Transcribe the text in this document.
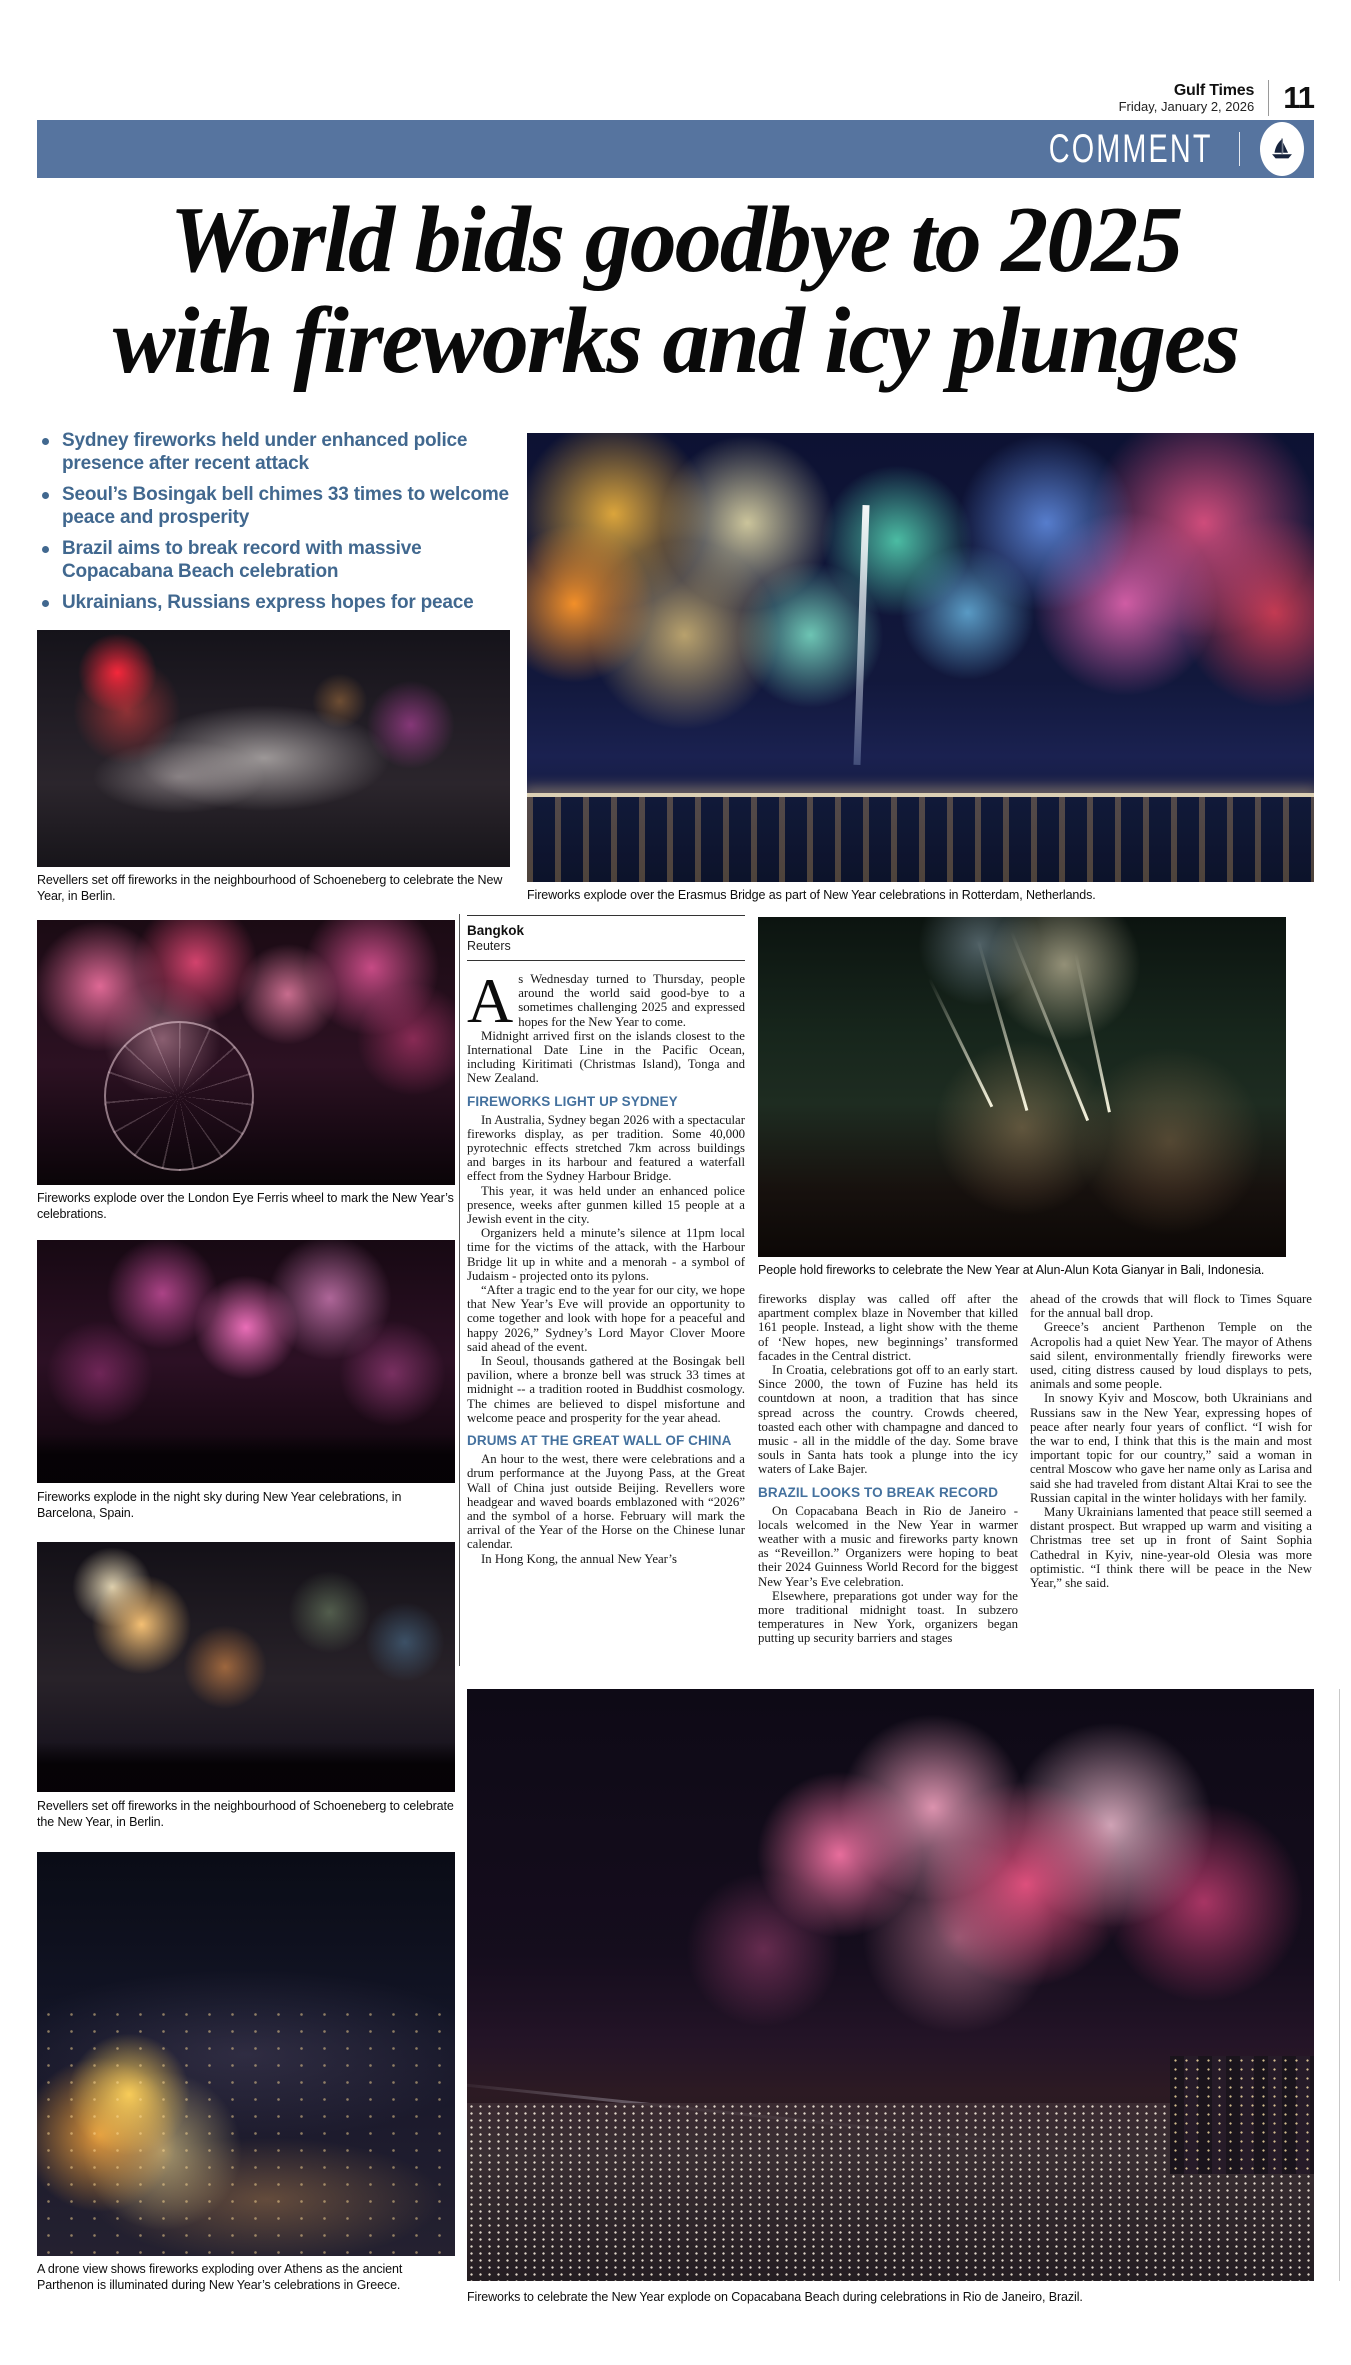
Gulf Times
Friday, January 2, 2026 11
COMMENT
World bids goodbye to 2025
with fireworks and icy plunges
Sydney fireworks held under enhanced police presence after recent attack
Seoul’s Bosingak bell chimes 33 times to welcome peace and prosperity
Brazil aims to break record with massive Copacabana Beach celebration
Ukrainians, Russians express hopes for peace
Revellers set off fireworks in the neighbourhood of Schoeneberg to celebrate the New Year, in Berlin.	Fireworks explode over the Erasmus Bridge as part of New Year celebrations in Rotterdam, Netherlands.
Fireworks explode over the London Eye Ferris wheel to mark the New Year’s celebrations.
Fireworks explode in the night sky during New Year celebrations, in Barcelona, Spain.
Revellers set off fireworks in the neighbourhood of Schoeneberg to celebrate the New Year, in Berlin.
People hold fireworks to celebrate the New Year at Alun-Alun Kota Gianyar in Bali, Indonesia.
A drone view shows fireworks exploding over Athens as the ancient Parthenon is illuminated during New Year’s celebrations in Greece.
Fireworks to celebrate the New Year explode on Copacabana Beach during celebrations in Rio de Janeiro, Brazil.
Bangkok
Reuters

As Wednesday turned to Thursday, people around the world said good-bye to a sometimes challenging 2025 and expressed hopes for the New Year to come.

Midnight arrived first on the islands closest to the International Date Line in the Pacific Ocean, including Kiritimati (Christmas Island), Tonga and New Zealand.

FIREWORKS LIGHT UP SYDNEY

In Australia, Sydney began 2026 with a spectacular fireworks display, as per tradition. Some 40,000 pyrotechnic effects stretched 7km across buildings and barges in its harbour and featured a waterfall effect from the Sydney Harbour Bridge.

This year, it was held under an enhanced police presence, weeks after gunmen killed 15 people at a Jewish event in the city.

Organizers held a minute’s silence at 11pm local time for the victims of the attack, with the Harbour Bridge lit up in white and a menorah - a symbol of Judaism - projected onto its pylons.

“After a tragic end to the year for our city, we hope that New Year’s Eve will provide an opportunity to come together and look with hope for a peaceful and happy 2026,” Sydney’s Lord Mayor Clover Moore said ahead of the event.

In Seoul, thousands gathered at the Bosingak bell pavilion, where a bronze bell was struck 33 times at midnight -- a tradition rooted in Buddhist cosmology. The chimes are believed to dispel misfortune and welcome peace and prosperity for the year ahead.

DRUMS AT THE GREAT WALL OF CHINA

An hour to the west, there were celebrations and a drum performance at the Juyong Pass, at the Great Wall of China just outside Beijing. Revellers wore headgear and waved boards emblazoned with “2026” and the symbol of a horse. February will mark the arrival of the Year of the Horse on the Chinese lunar calendar.

In Hong Kong, the annual New Year’s

fireworks display was called off after the apartment complex blaze in November that killed 161 people. Instead, a light show with the theme of ‘New hopes, new beginnings’ transformed facades in the Central district.

In Croatia, celebrations got off to an early start. Since 2000, the town of Fuzine has held its countdown at noon, a tradition that has since spread across the country. Crowds cheered, toasted each other with champagne and danced to music - all in the middle of the day. Some brave souls in Santa hats took a plunge into the icy waters of Lake Bajer.

BRAZIL LOOKS TO BREAK RECORD

On Copacabana Beach in Rio de Janeiro - locals welcomed in the New Year in warmer weather with a music and fireworks party known as “Reveillon.” Organizers were hoping to beat their 2024 Guinness World Record for the biggest New Year’s Eve celebration.

Elsewhere, preparations got under way for the more traditional midnight toast. In subzero temperatures in New York, organizers began putting up security barriers and stages

ahead of the crowds that will flock to Times Square for the annual ball drop.

Greece’s ancient Parthenon Temple on the Acropolis had a quiet New Year. The mayor of Athens said silent, environmentally friendly fireworks were used, citing distress caused by loud displays to pets, animals and some people.

In snowy Kyiv and Moscow, both Ukrainians and Russians saw in the New Year, expressing hopes of peace after nearly four years of conflict. “I wish for the war to end, I think that this is the main and most important topic for our country,” said a woman in central Moscow who gave her name only as Larisa and said she had traveled from distant Altai Krai to see the Russian capital in the winter holidays with her family.

Many Ukrainians lamented that peace still seemed a distant prospect. But wrapped up warm and visiting a Christmas tree set up in front of Saint Sophia Cathedral in Kyiv, nine-year-old Olesia was more optimistic. “I think there will be peace in the New Year,” she said.
